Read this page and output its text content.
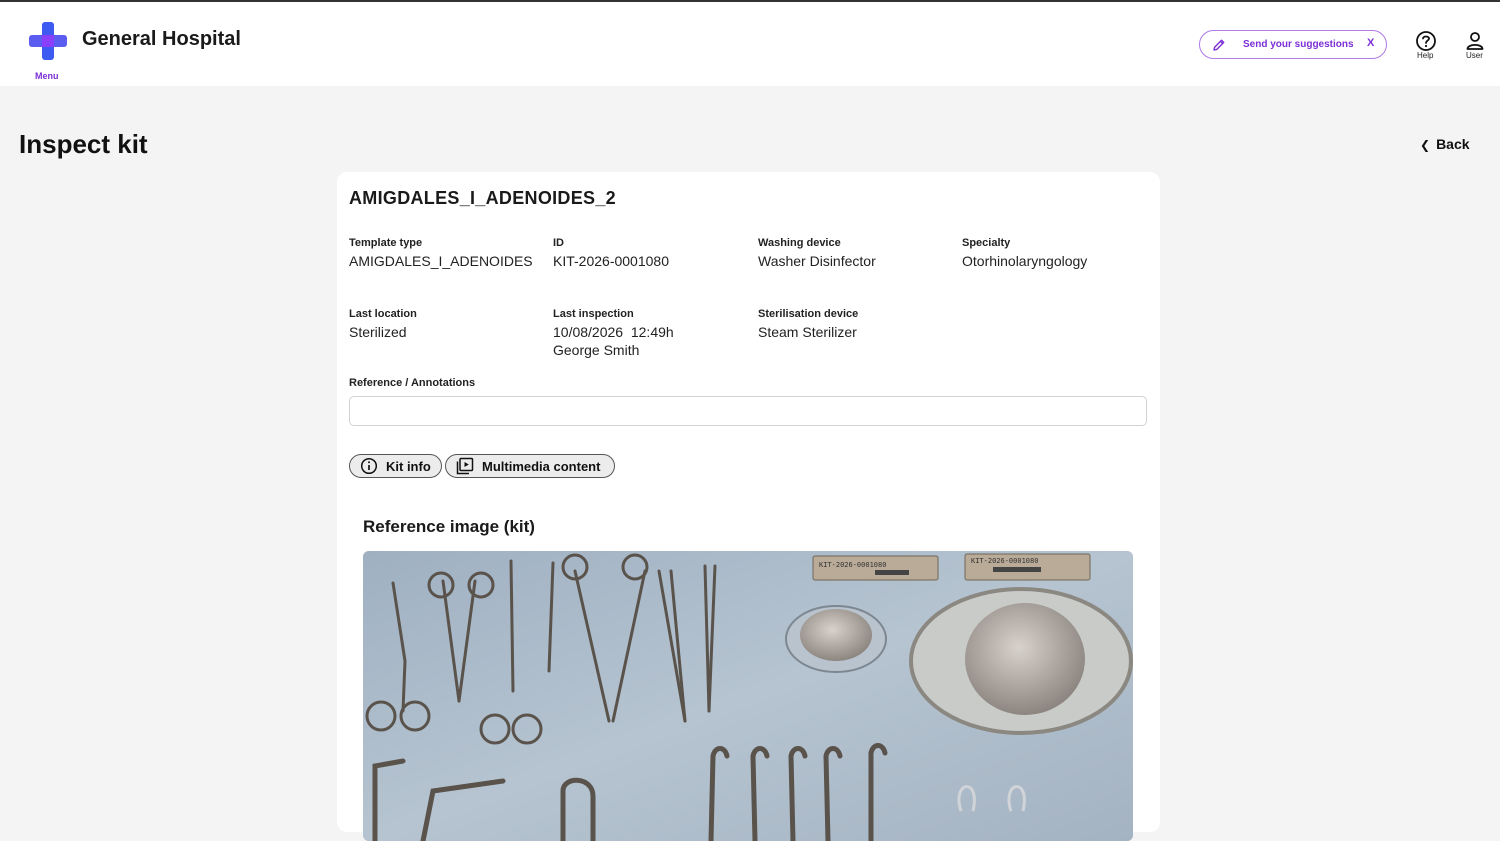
Menu
General Hospital	Send your suggestions X
Help	User
Inspect kit	❮ Back
AMIGDALES_I_ADENOIDES_2
Template type
AMIGDALES_I_ADENOIDES
ID
KIT-2026-0001080
Washing device
Washer Disinfector
Specialty
Otorhinolaryngology
Last location
Sterilized
Last inspection
10/08/2026 12:49h
George Smith
Sterilisation device
Steam Sterilizer
Reference / Annotations
Kit info	Multimedia content
Reference image (kit)
KIT-2026-0001080	KIT-2026-0001080
